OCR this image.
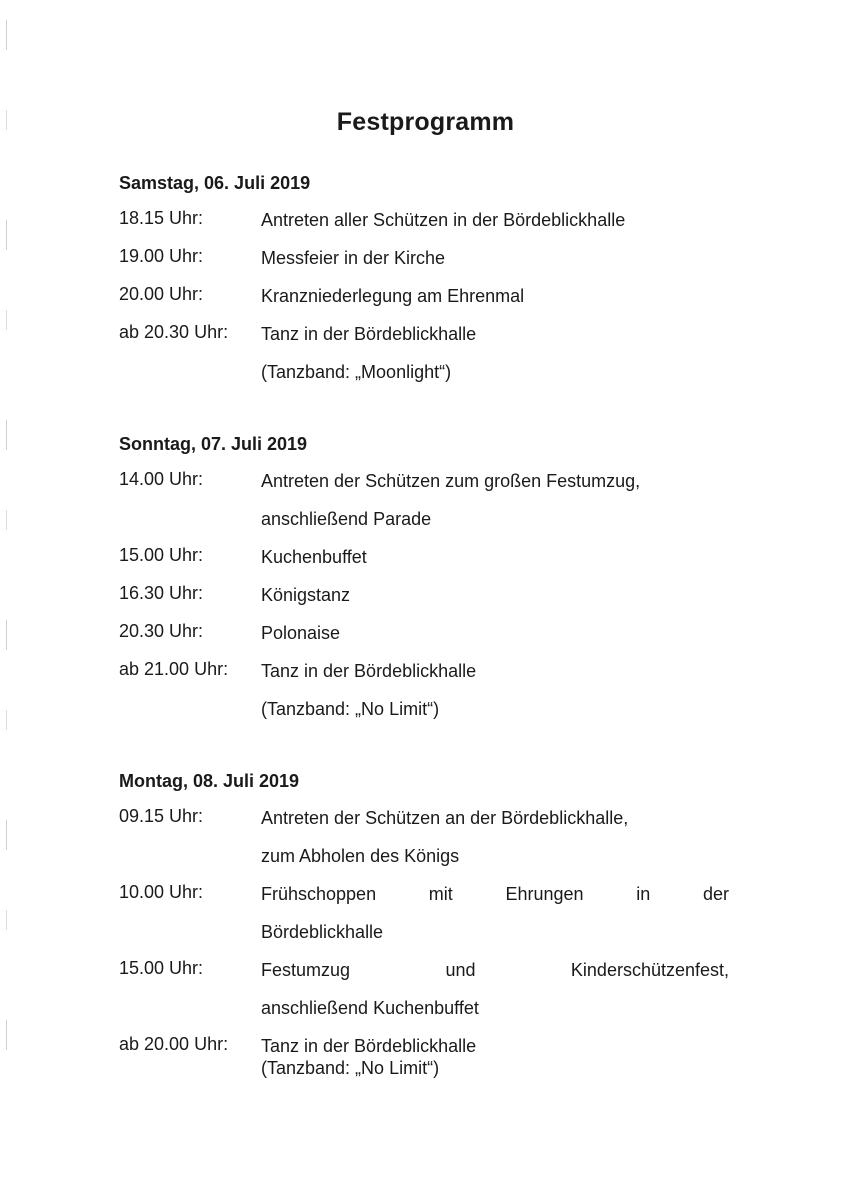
Festprogramm
Samstag, 06. Juli 2019
18.15 Uhr:	Antreten aller Schützen in der Bördeblickhalle
19.00 Uhr:	Messfeier in der Kirche
20.00 Uhr:	Kranzniederlegung am Ehrenmal
ab 20.30 Uhr: Tanz in der Bördeblickhalle
(Tanzband: „Moonlight“)
Sonntag, 07. Juli 2019
14.00 Uhr:	Antreten der Schützen zum großen Festumzug,
anschließend Parade
15.00 Uhr:	Kuchenbuffet
16.30 Uhr:	Königstanz
20.30 Uhr:	Polonaise
ab 21.00 Uhr: Tanz in der Bördeblickhalle
(Tanzband: „No Limit“)
Montag, 08. Juli 2019
09.15 Uhr:	Antreten der Schützen an der Bördeblickhalle,
zum Abholen des Königs
10.00 Uhr:	Frühschoppen mit Ehrungen in der
Bördeblickhalle
15.00 Uhr:	Festumzug und Kinderschützenfest,
anschließend Kuchenbuffet
ab 20.00 Uhr: Tanz in der Bördeblickhalle
(Tanzband: „No Limit“)
